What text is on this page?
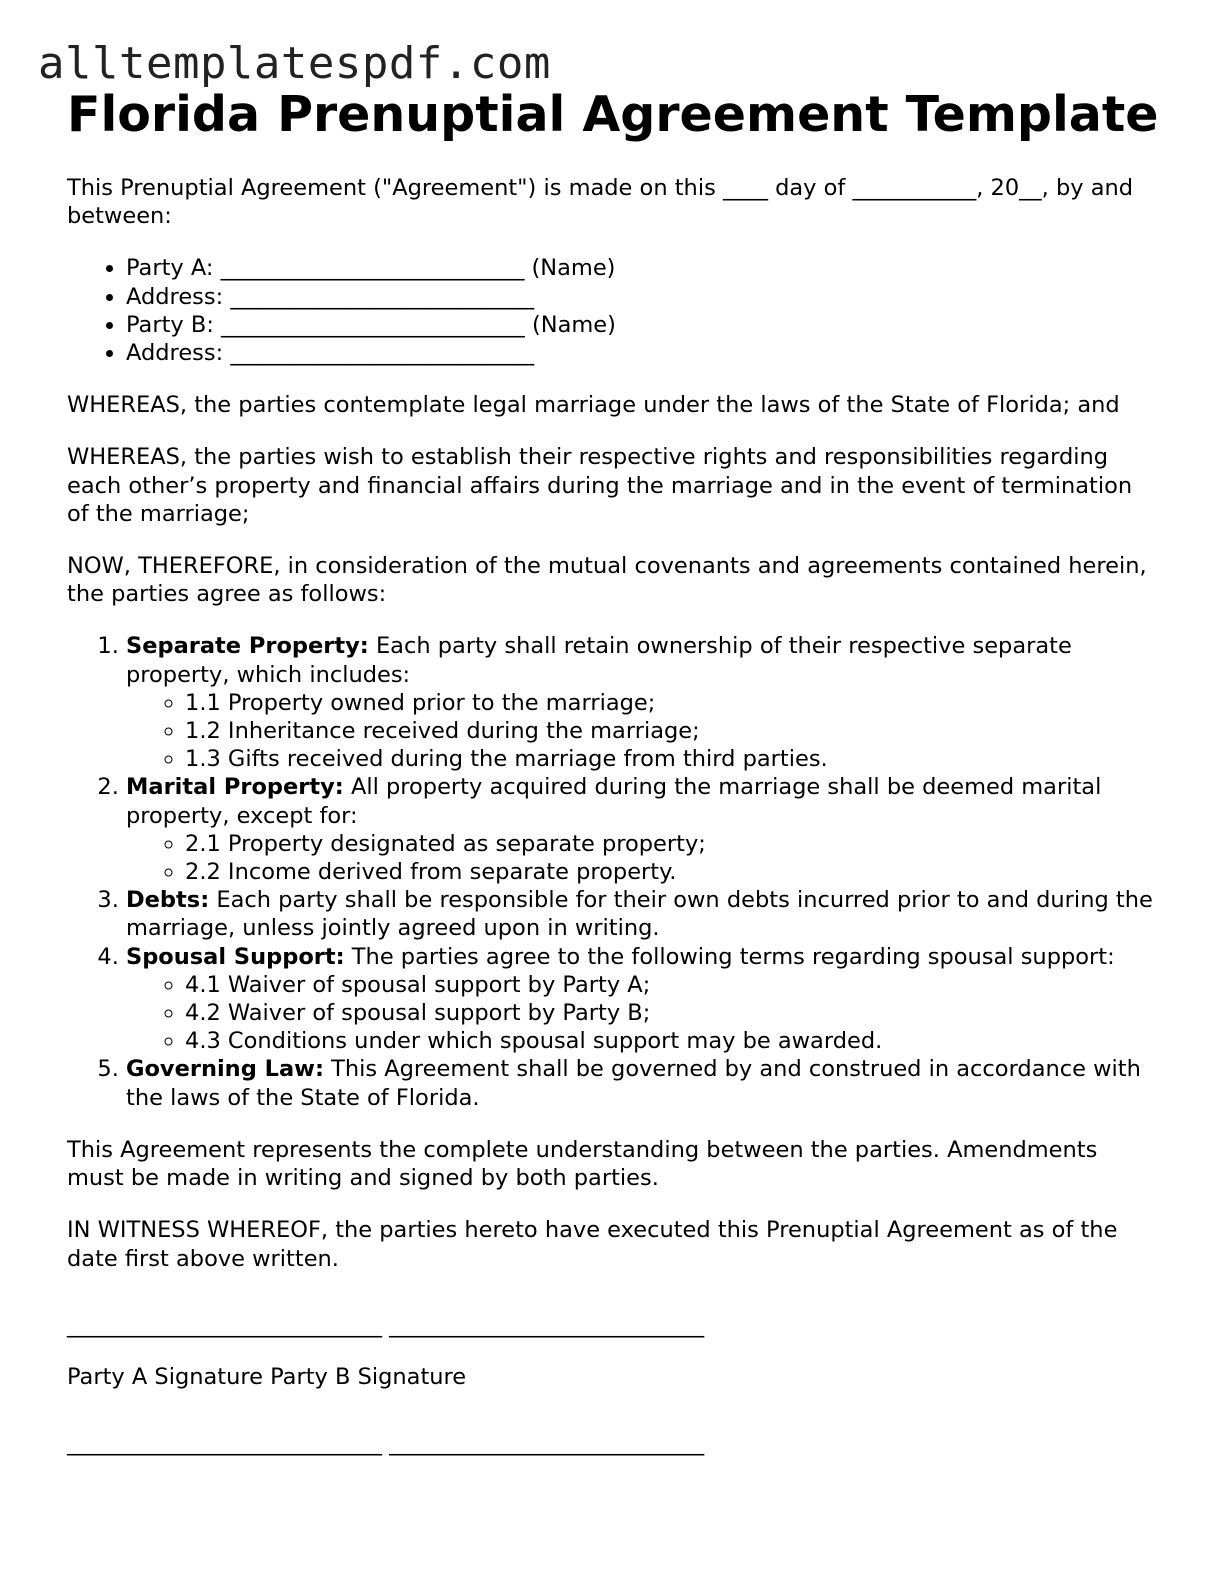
alltemplatespdf.com
Florida Prenuptial Agreement Template

This Prenuptial Agreement ("Agreement") is made on this ____ day of ___________, 20__, by and between:

• Party A: ___________________________ (Name)
• Address: ___________________________
• Party B: ___________________________ (Name)
• Address: ___________________________

WHEREAS, the parties contemplate legal marriage under the laws of the State of Florida; and

WHEREAS, the parties wish to establish their respective rights and responsibilities regarding each other’s property and financial affairs during the marriage and in the event of termination of the marriage;

NOW, THEREFORE, in consideration of the mutual covenants and agreements contained herein, the parties agree as follows:

1. Separate Property: Each party shall retain ownership of their respective separate property, which includes:
◦ 1.1 Property owned prior to the marriage;
◦ 1.2 Inheritance received during the marriage;
◦ 1.3 Gifts received during the marriage from third parties.
2. Marital Property: All property acquired during the marriage shall be deemed marital property, except for:
◦ 2.1 Property designated as separate property;
◦ 2.2 Income derived from separate property.
3. Debts: Each party shall be responsible for their own debts incurred prior to and during the marriage, unless jointly agreed upon in writing.
4. Spousal Support: The parties agree to the following terms regarding spousal support:
◦ 4.1 Waiver of spousal support by Party A;
◦ 4.2 Waiver of spousal support by Party B;
◦ 4.3 Conditions under which spousal support may be awarded.
5. Governing Law: This Agreement shall be governed by and construed in accordance with the laws of the State of Florida.

This Agreement represents the complete understanding between the parties. Amendments must be made in writing and signed by both parties.

IN WITNESS WHEREOF, the parties hereto have executed this Prenuptial Agreement as of the date first above written.

____________________________ ____________________________
Party A Signature Party B Signature
____________________________ ____________________________
